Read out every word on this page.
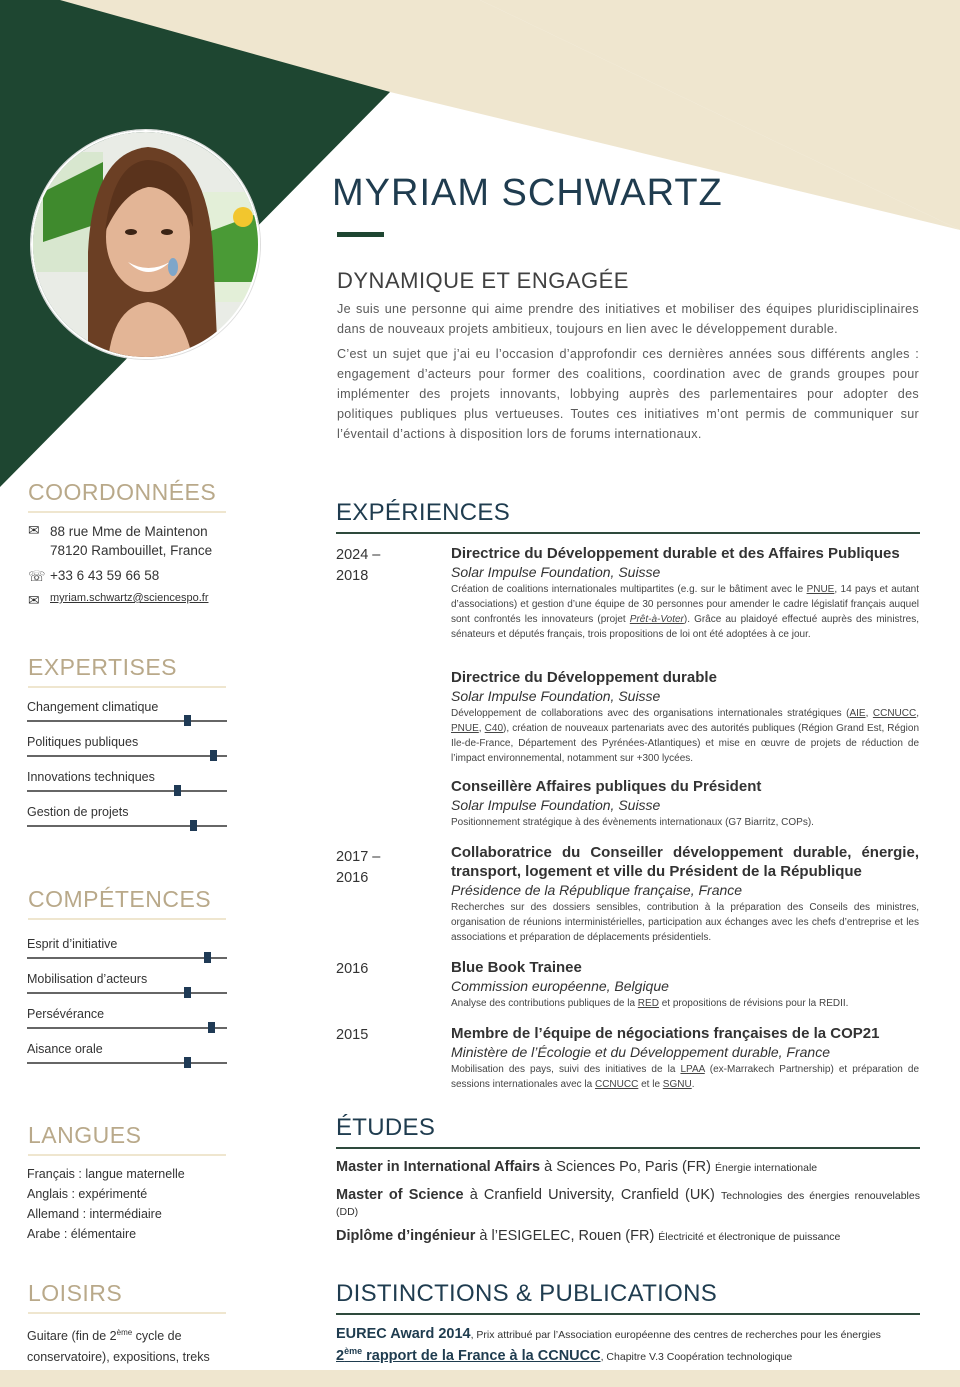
MYRIAM SCHWARTZ
DYNAMIQUE ET ENGAGÉE

Je suis une personne qui aime prendre des initiatives et mobiliser des équipes pluridisciplinaires dans de nouveaux projets ambitieux, toujours en lien avec le développement durable.

C’est un sujet que j’ai eu l’occasion d’approfondir ces dernières années sous différents angles : engagement d’acteurs pour former des coalitions, coordination avec de grands groupes pour implémenter des projets innovants, lobbying auprès des parlementaires pour adopter des politiques publiques plus vertueuses. Toutes ces initiatives m’ont permis de communiquer sur l’éventail d’actions à disposition lors de forums internationaux.

COORDONNÉES
✉ 88 rue Mme de Maintenon
78120 Rambouillet, France
☏ +33 6 43 59 66 58
✉ myriam.schwartz@sciencespo.fr
EXPERTISES
Changement climatique
Politiques publiques
Innovations techniques
Gestion de projets
COMPÉTENCES
Esprit d’initiative
Mobilisation d’acteurs
Persévérance
Aisance orale
LANGUES
Français : langue maternelle
Anglais : expérimenté
Allemand : intermédiaire
Arabe : élémentaire
LOISIRS
Guitare (fin de 2ème cycle de
conservatoire), expositions, treks
EXPÉRIENCES
2024 –
2018
2017 –
2016
2016
2015
Directrice du Développement durable et des Affaires Publiques
Solar Impulse Foundation, Suisse
Création de coalitions internationales multipartites (e.g. sur le bâtiment avec le PNUE, 14 pays et autant d’associations) et gestion d’une équipe de 30 personnes pour amender le cadre législatif français auquel sont confrontés les innovateurs (projet Prêt-à-Voter). Grâce au plaidoyé effectué auprès des ministres, sénateurs et députés français, trois propositions de loi ont été adoptées à ce jour.
Directrice du Développement durable
Solar Impulse Foundation, Suisse
Développement de collaborations avec des organisations internationales stratégiques (AIE, CCNUCC, PNUE, C40), création de nouveaux partenariats avec des autorités publiques (Région Grand Est, Région Ile-de-France, Département des Pyrénées-Atlantiques) et mise en œuvre de projets de réduction de l’impact environnemental, notamment sur +300 lycées.
Conseillère Affaires publiques du Président
Solar Impulse Foundation, Suisse
Positionnement stratégique à des évènements internationaux (G7 Biarritz, COPs).
Collaboratrice du Conseiller développement durable, énergie, transport, logement et ville du Président de la République
Présidence de la République française, France
Recherches sur des dossiers sensibles, contribution à la préparation des Conseils des ministres, organisation de réunions interministérielles, participation aux échanges avec les chefs d’entreprise et les associations et préparation de déplacements présidentiels.
Blue Book Trainee
Commission européenne, Belgique
Analyse des contributions publiques de la RED et propositions de révisions pour la REDII.
Membre de l’équipe de négociations françaises de la COP21
Ministère de l’Écologie et du Développement durable, France
Mobilisation des pays, suivi des initiatives de la LPAA (ex-Marrakech Partnership) et préparation de sessions internationales avec la CCNUCC et le SGNU.
ÉTUDES
Master in International Affairs à Sciences Po, Paris (FR) Énergie internationale
Master of Science à Cranfield University, Cranfield (UK) Technologies des énergies renouvelables (DD)
Diplôme d’ingénieur à l’ESIGELEC, Rouen (FR) Électricité et électronique de puissance
DISTINCTIONS & PUBLICATIONS
EUREC Award 2014, Prix attribué par l’Association européenne des centres de recherches pour les énergies
2ème rapport de la France à la CCNUCC, Chapitre V.3 Coopération technologique
